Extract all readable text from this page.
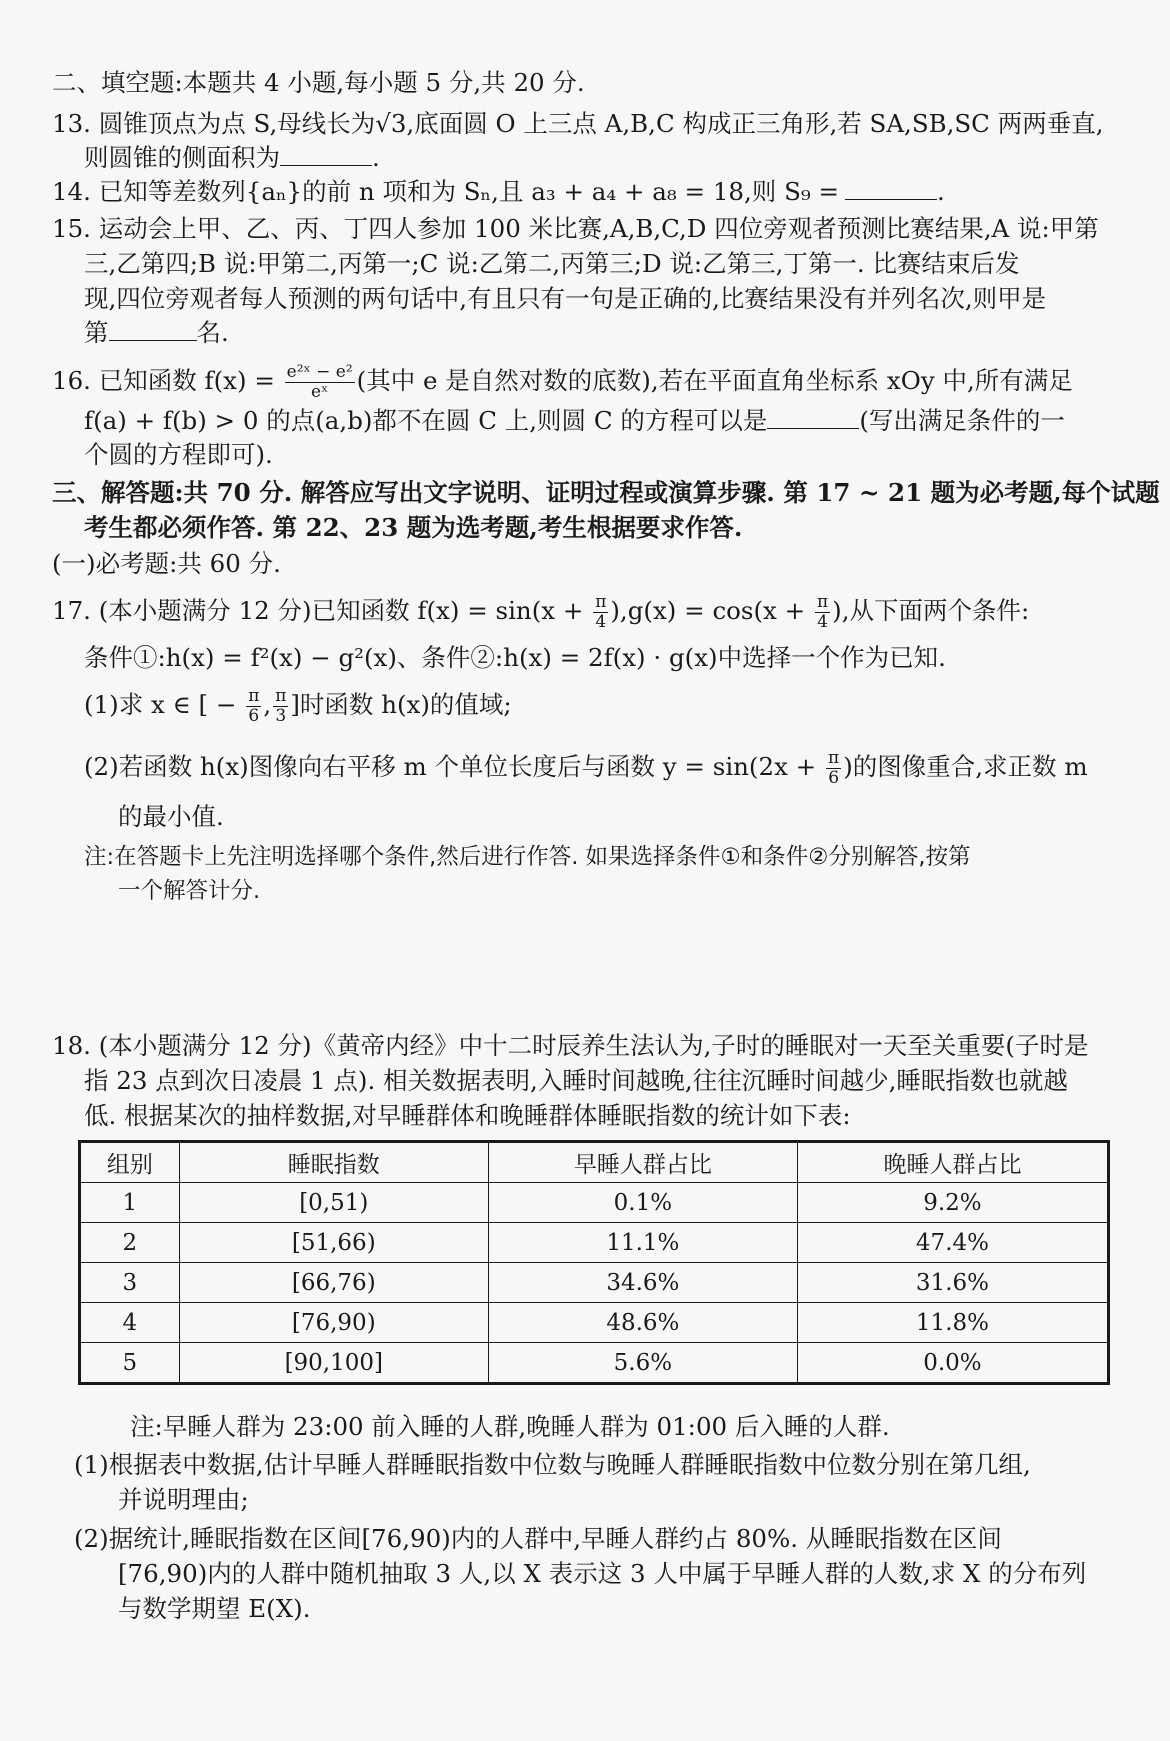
二、填空题:本题共 4 小题,每小题 5 分,共 20 分.
13. 圆锥顶点为点 S,母线长为√3,底面圆 O 上三点 A,B,C 构成正三角形,若 SA,SB,SC 两两垂直,
则圆锥的侧面积为	.
14. 已知等差数列{aₙ}的前 n 项和为 Sₙ,且 a₃ + a₄ + a₈ = 18,则 S₉ =	.
15. 运动会上甲、乙、丙、丁四人参加 100 米比赛,A,B,C,D 四位旁观者预测比赛结果,A 说:甲第
三,乙第四;B 说:甲第二,丙第一;C 说:乙第二,丙第三;D 说:乙第三,丁第一. 比赛结束后发
现,四位旁观者每人预测的两句话中,有且只有一句是正确的,比赛结果没有并列名次,则甲是
第	名.
16. 已知函数 $f(x) = \frac{\text{e²ˣ − e²}}{\text{eˣ}}$ (其中 e 是自然对数的底数),若在平面直角坐标系 xOy 中,所有满足
f(a) + f(b) > 0 的点(a,b)都不在圆 C 上,则圆 C 的方程可以是	(写出满足条件的一
个圆的方程即可).
三、解答题:共 70 分. 解答应写出文字说明、证明过程或演算步骤. 第 17 ~ 21 题为必考题,每个试题
考生都必须作答. 第 22、23 题为选考题,考生根据要求作答.
(一)必考题:共 60 分.
17. (本小题满分 12 分)已知函数 $f(x) = \sin(x + \frac{\pi}{4} ),g(x) = \cos(x + \frac{\pi}{4}$ ),从下面两个条件:
条件①:h(x) = f²(x) − g²(x)、条件②:h(x) = 2f(x) · g(x)中选择一个作为已知.
(1)求 x ∈ [ − $\frac{\pi}{6}$ , $\frac{\pi}{3}$ ]时函数 h(x)的值域;
(2)若函数 h(x)图像向右平移 m 个单位长度后与函数 $y = \sin(2x + \frac{\pi}{6}$ )的图像重合,求正数 m
的最小值.
注:在答题卡上先注明选择哪个条件,然后进行作答. 如果选择条件①和条件②分别解答,按第
一个解答计分.
18. (本小题满分 12 分)《黄帝内经》中十二时辰养生法认为,子时的睡眠对一天至关重要(子时是
指 23 点到次日凌晨 1 点). 相关数据表明,入睡时间越晚,往往沉睡时间越少,睡眠指数也就越
低. 根据某次的抽样数据,对早睡群体和晚睡群体睡眠指数的统计如下表:
组别	睡眠指数	早睡人群占比	晚睡人群占比
1	[0,51)	0.1%	9.2%
2	[51,66)	11.1%	47.4%
3	[66,76)	34.6%	31.6%
4	[76,90)	48.6%	11.8%
5	[90,100]	5.6%	0.0%
注:早睡人群为 23:00 前入睡的人群,晚睡人群为 01:00 后入睡的人群.
(1)根据表中数据,估计早睡人群睡眠指数中位数与晚睡人群睡眠指数中位数分别在第几组,
并说明理由;
(2)据统计,睡眠指数在区间[76,90)内的人群中,早睡人群约占 80%. 从睡眠指数在区间
[76,90)内的人群中随机抽取 3 人,以 X 表示这 3 人中属于早睡人群的人数,求 X 的分布列
与数学期望 E(X).
